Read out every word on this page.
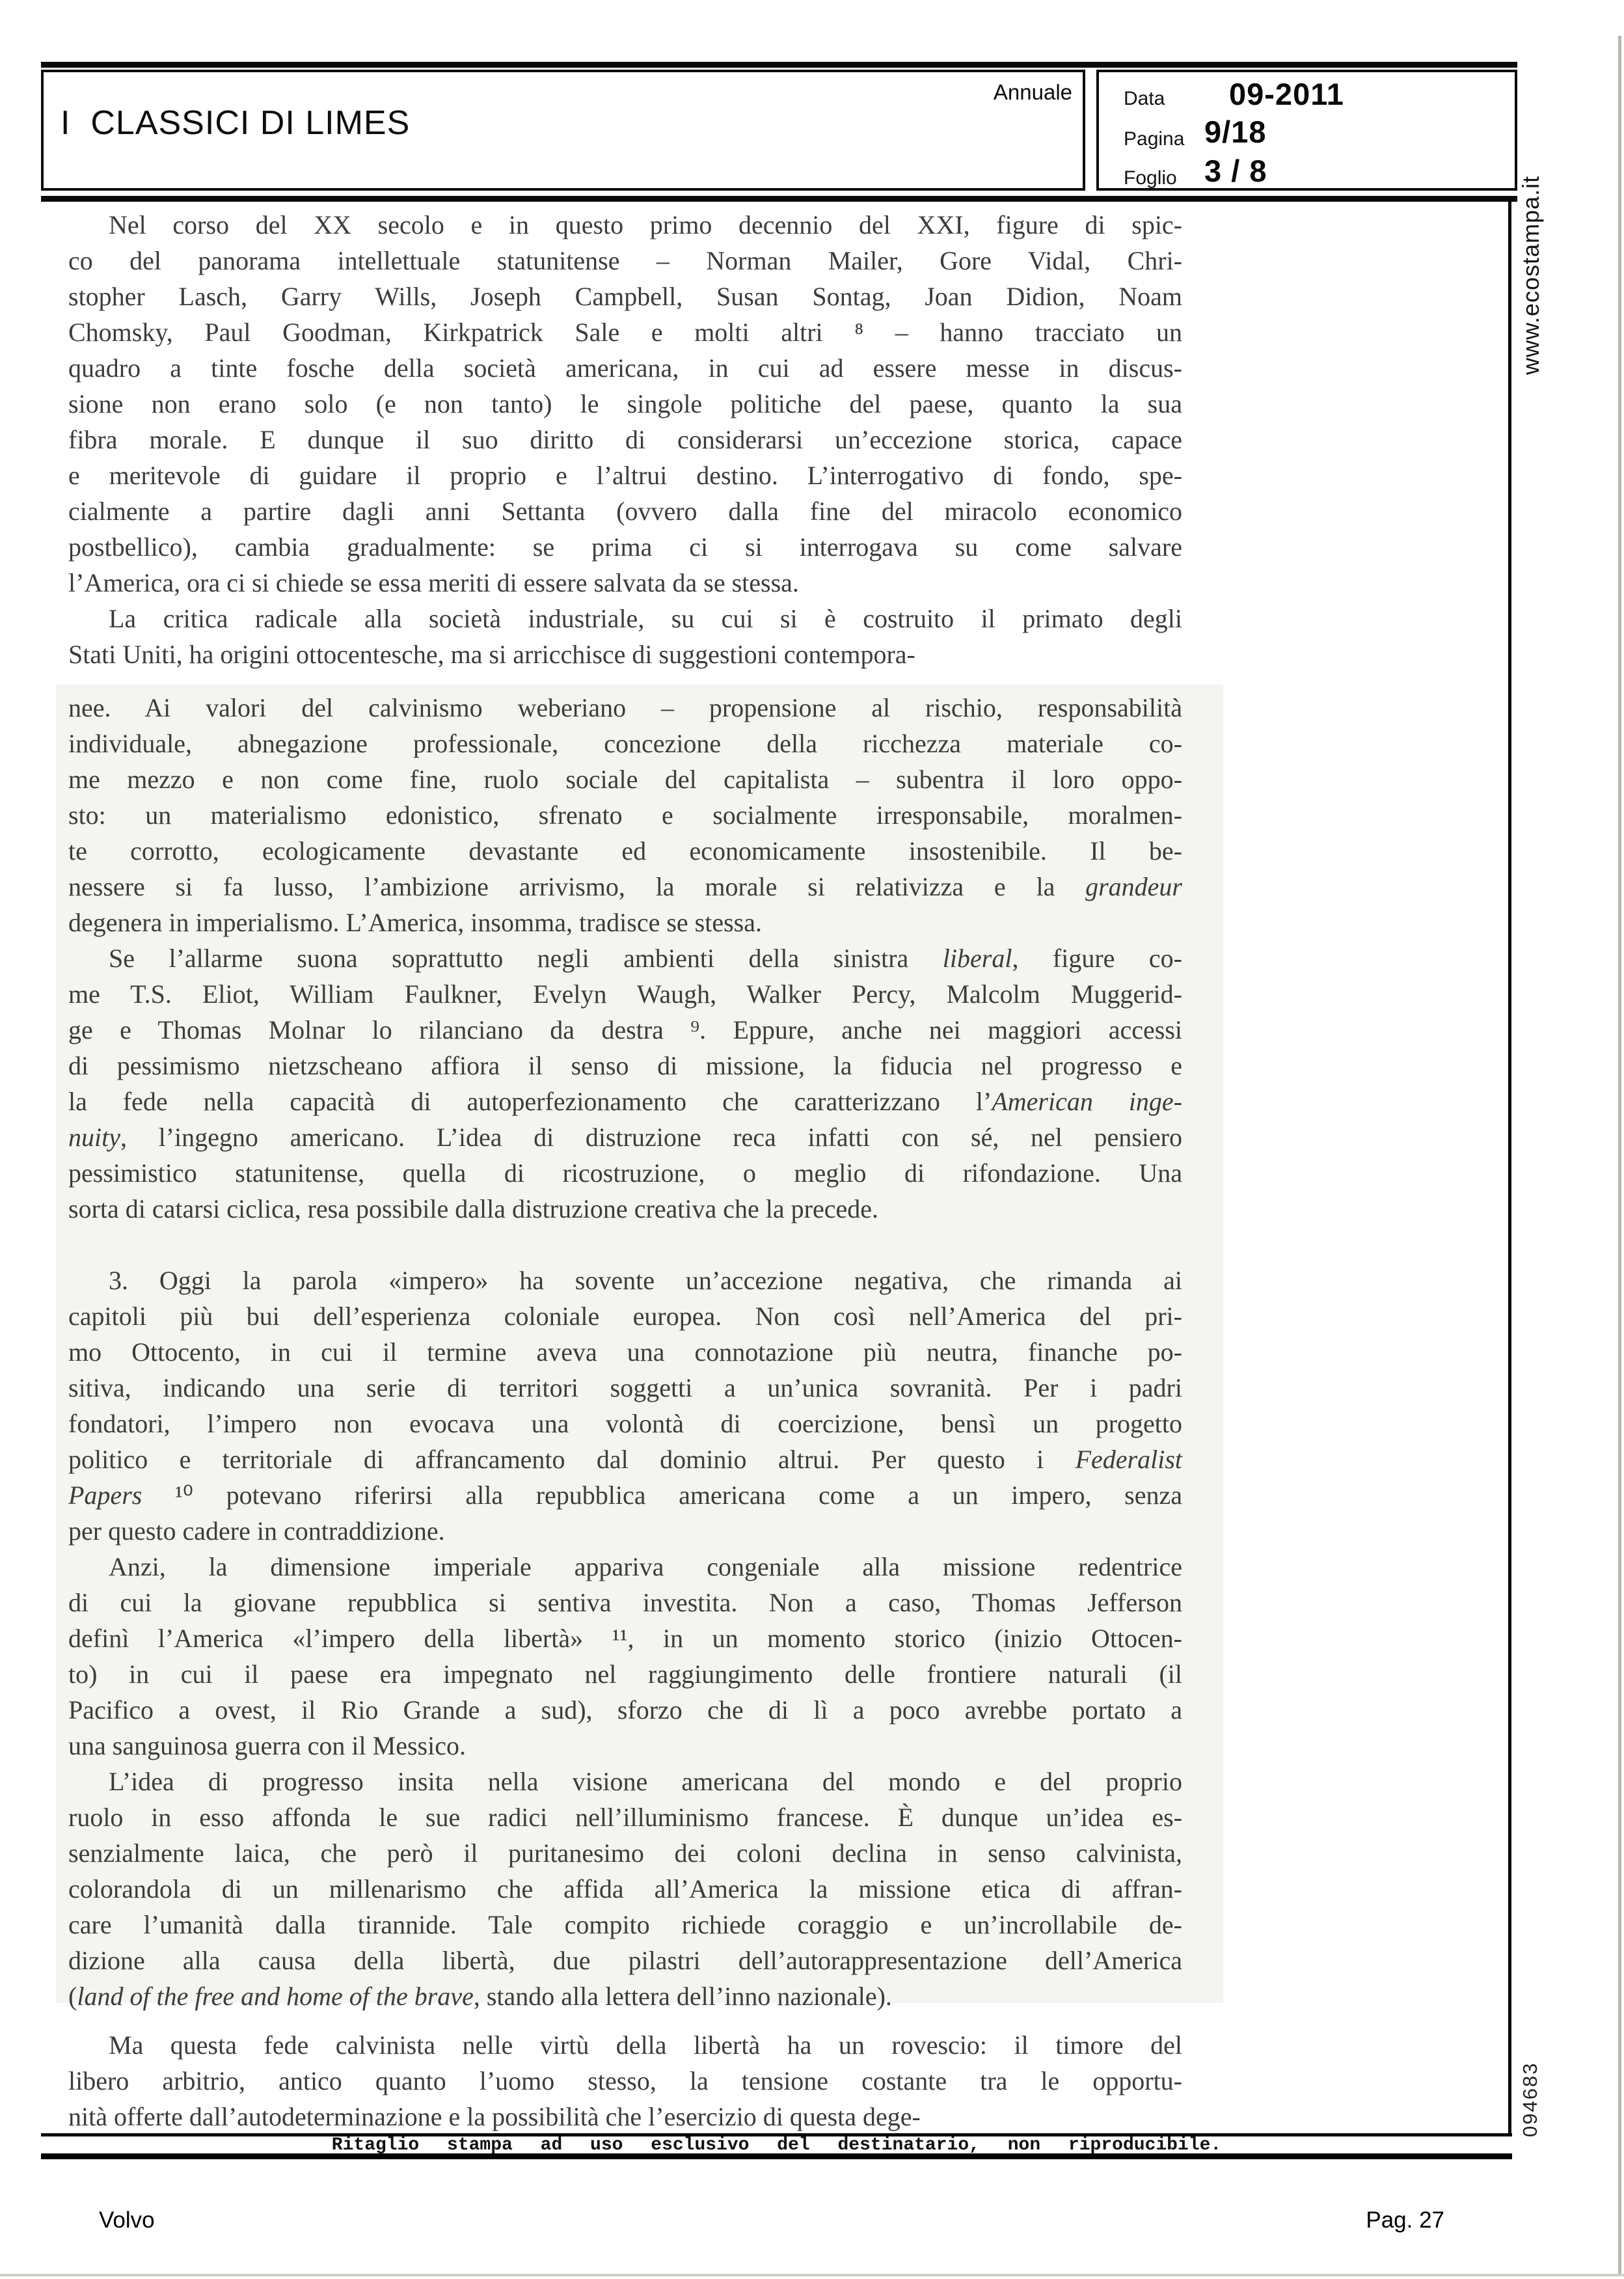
I  CLASSICI DI LIMES
Annuale	Data 09-2011
Pagina 9/18
Foglio 3 / 8
Nel corso del XX secolo e in questo primo decennio del XXI, figure di spic-
co del panorama intellettuale statunitense – Norman Mailer, Gore Vidal, Chri-
stopher Lasch, Garry Wills, Joseph Campbell, Susan Sontag, Joan Didion, Noam
Chomsky, Paul Goodman, Kirkpatrick Sale e molti altri ⁸ – hanno tracciato un
quadro a tinte fosche della società americana, in cui ad essere messe in discus-
sione non erano solo (e non tanto) le singole politiche del paese, quanto la sua
fibra morale. E dunque il suo diritto di considerarsi un’eccezione storica, capace
e meritevole di guidare il proprio e l’altrui destino. L’interrogativo di fondo, spe-
cialmente a partire dagli anni Settanta (ovvero dalla fine del miracolo economico
postbellico), cambia gradualmente: se prima ci si interrogava su come salvare
l’America, ora ci si chiede se essa meriti di essere salvata da se stessa.
La critica radicale alla società industriale, su cui si è costruito il primato degli
Stati Uniti, ha origini ottocentesche, ma si arricchisce di suggestioni contempora-
nee. Ai valori del calvinismo weberiano – propensione al rischio, responsabilità
individuale, abnegazione professionale, concezione della ricchezza materiale co-
me mezzo e non come fine, ruolo sociale del capitalista – subentra il loro oppo-
sto: un materialismo edonistico, sfrenato e socialmente irresponsabile, moralmen-
te corrotto, ecologicamente devastante ed economicamente insostenibile. Il be-
nessere si fa lusso, l’ambizione arrivismo, la morale si relativizza e la grandeur
degenera in imperialismo. L’America, insomma, tradisce se stessa.
Se l’allarme suona soprattutto negli ambienti della sinistra liberal, figure co-
me T.S. Eliot, William Faulkner, Evelyn Waugh, Walker Percy, Malcolm Muggerid-
ge e Thomas Molnar lo rilanciano da destra ⁹. Eppure, anche nei maggiori accessi
di pessimismo nietzscheano affiora il senso di missione, la fiducia nel progresso e
la fede nella capacità di autoperfezionamento che caratterizzano l’American inge-
nuity, l’ingegno americano. L’idea di distruzione reca infatti con sé, nel pensiero
pessimistico statunitense, quella di ricostruzione, o meglio di rifondazione. Una
sorta di catarsi ciclica, resa possibile dalla distruzione creativa che la precede.
3. Oggi la parola «impero» ha sovente un’accezione negativa, che rimanda ai
capitoli più bui dell’esperienza coloniale europea. Non così nell’America del pri-
mo Ottocento, in cui il termine aveva una connotazione più neutra, finanche po-
sitiva, indicando una serie di territori soggetti a un’unica sovranità. Per i padri
fondatori, l’impero non evocava una volontà di coercizione, bensì un progetto
politico e territoriale di affrancamento dal dominio altrui. Per questo i Federalist
Papers ¹⁰ potevano riferirsi alla repubblica americana come a un impero, senza
per questo cadere in contraddizione.
Anzi, la dimensione imperiale appariva congeniale alla missione redentrice
di cui la giovane repubblica si sentiva investita. Non a caso, Thomas Jefferson
definì l’America «l’impero della libertà» ¹¹, in un momento storico (inizio Ottocen-
to) in cui il paese era impegnato nel raggiungimento delle frontiere naturali (il
Pacifico a ovest, il Rio Grande a sud), sforzo che di lì a poco avrebbe portato a
una sanguinosa guerra con il Messico.
L’idea di progresso insita nella visione americana del mondo e del proprio
ruolo in esso affonda le sue radici nell’illuminismo francese. È dunque un’idea es-
senzialmente laica, che però il puritanesimo dei coloni declina in senso calvinista,
colorandola di un millenarismo che affida all’America la missione etica di affran-
care l’umanità dalla tirannide. Tale compito richiede coraggio e un’incrollabile de-
dizione alla causa della libertà, due pilastri dell’autorappresentazione dell’America
(land of the free and home of the brave, stando alla lettera dell’inno nazionale).
Ma questa fede calvinista nelle virtù della libertà ha un rovescio: il timore del
libero arbitrio, antico quanto l’uomo stesso, la tensione costante tra le opportu-
nità offerte dall’autodeterminazione e la possibilità che l’esercizio di questa dege-
www.ecostampa.it
094683
Ritaglio stampa ad uso esclusivo del destinatario, non riproducibile.
Volvo	Pag. 27
